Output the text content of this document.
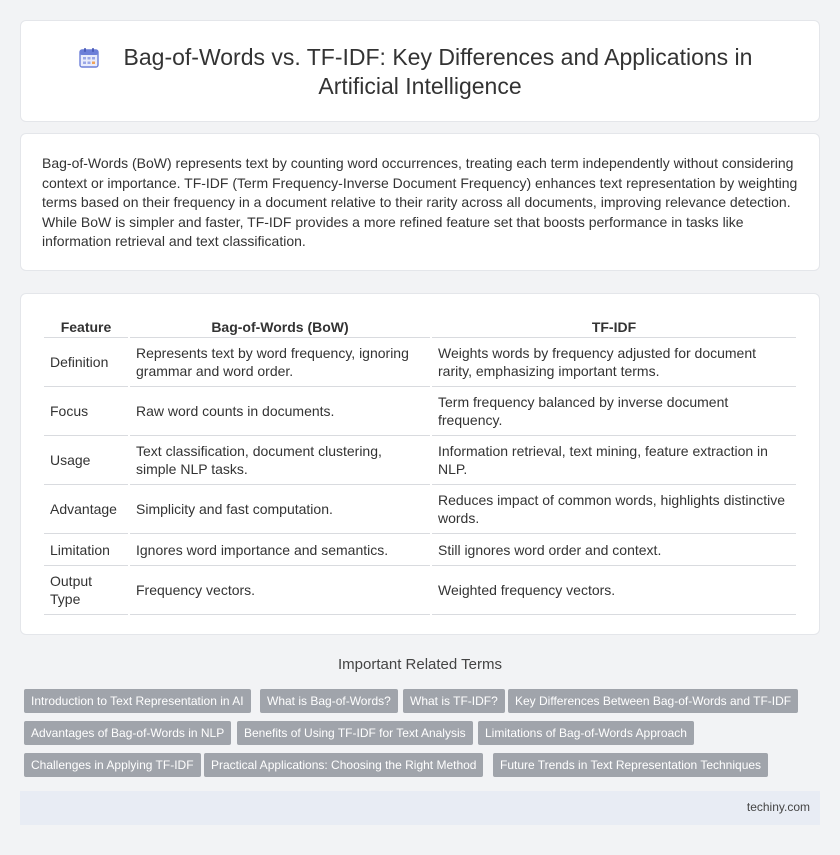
Bag-of-Words vs. TF-IDF: Key Differences and Applications in
Artificial Intelligence

Bag-of-Words (BoW) represents text by counting word occurrences, treating each term independently without considering context or importance. TF-IDF (Term Frequency-Inverse Document Frequency) enhances text representation by weighting terms based on their frequency in a document relative to their rarity across all documents, improving relevance detection. While BoW is simpler and faster, TF-IDF provides a more refined feature set that boosts performance in tasks like information retrieval and text classification.

Feature	Bag-of-Words (BoW)	TF-IDF
Definition	Represents text by word frequency, ignoring grammar and word order.	Weights words by frequency adjusted for document rarity, emphasizing important terms.
Focus	Raw word counts in documents.	Term frequency balanced by inverse document frequency.
Usage	Text classification, document clustering, simple NLP tasks.	Information retrieval, text mining, feature extraction in NLP.
Advantage	Simplicity and fast computation.	Reduces impact of common words, highlights distinctive words.
Limitation	Ignores word importance and semantics.	Still ignores word order and context.
Output Type	Frequency vectors.	Weighted frequency vectors.
Important Related Terms
Introduction to Text Representation in AI	What is Bag-of-Words?	What is TF-IDF?	Key Differences Between Bag-of-Words and TF-IDF
Advantages of Bag-of-Words in NLP	Benefits of Using TF-IDF for Text Analysis	Limitations of Bag-of-Words Approach
Challenges in Applying TF-IDF	Practical Applications: Choosing the Right Method	Future Trends in Text Representation Techniques
techiny.com
